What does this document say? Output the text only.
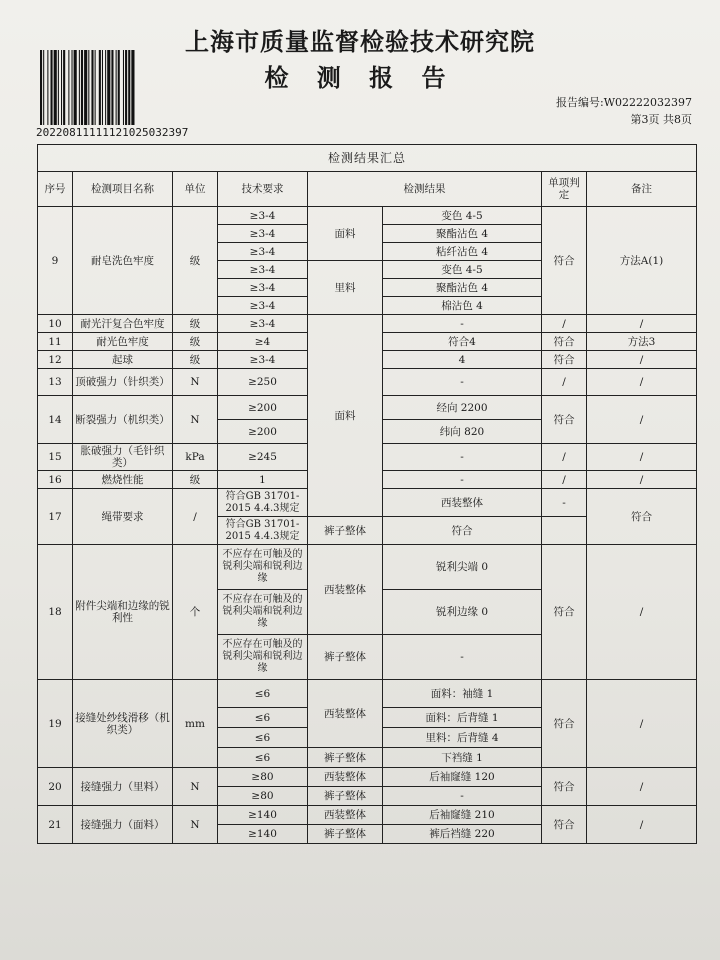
上海市质量监督检验技术研究院
检 测 报 告
20220811111121025032397
报告编号:W02222032397
第3页 共8页
检测结果汇总								
序号	检测项目名称	单位	技术要求	检测结果		单项判定	备注	
9	耐皂洗色牢度	级	≥3-4	面料	变色 4-5	符合	方法A(1)	
			≥3-4		聚酯沾色 4			
			≥3-4		粘纤沾色 4			
			≥3-4	里料	变色 4-5			
			≥3-4		聚酯沾色 4			
			≥3-4		棉沾色 4			
10	耐光汗复合色牢度	级	≥3-4	面料	-	/	/	
11	耐光色牢度	级	≥4		符合4	符合	方法3	
12	起球	级	≥3-4		4	符合	/	
13	顶破强力（针织类）	N	≥250		-	/	/	
14	断裂强力（机织类）	N	≥200		经向 2200	符合	/	
			≥200		纬向 820			
15	胀破强力（毛针织类）	kPa	≥245		-	/	/	
16	燃烧性能	级	1		-	/	/	
17	绳带要求	/	符合GB 31701-2015 4.4.3规定		西装整体	-	符合	
			符合GB 31701-2015 4.4.3规定	裤子整体	符合			
18	附件尖端和边缘的锐利性	个	不应存在可触及的锐利尖端和锐利边缘	西装整体	锐利尖端 0	符合	/	
			不应存在可触及的锐利尖端和锐利边缘		锐利边缘 0			
			不应存在可触及的锐利尖端和锐利边缘	裤子整体	-			
19	接缝处纱线滑移（机织类）	mm	≤6	西装整体	面料：袖缝 1	符合	/	
			≤6		面料：后背缝 1			
			≤6		里料：后背缝 4			
			≤6	裤子整体	下裆缝 1			
20	接缝强力（里料）	N	≥80	西装整体	后袖窿缝 120	符合	/	
			≥80	裤子整体	-			
21	接缝强力（面料）	N	≥140	西装整体	后袖窿缝 210	符合	/	
			≥140	裤子整体	裤后裆缝 220			
